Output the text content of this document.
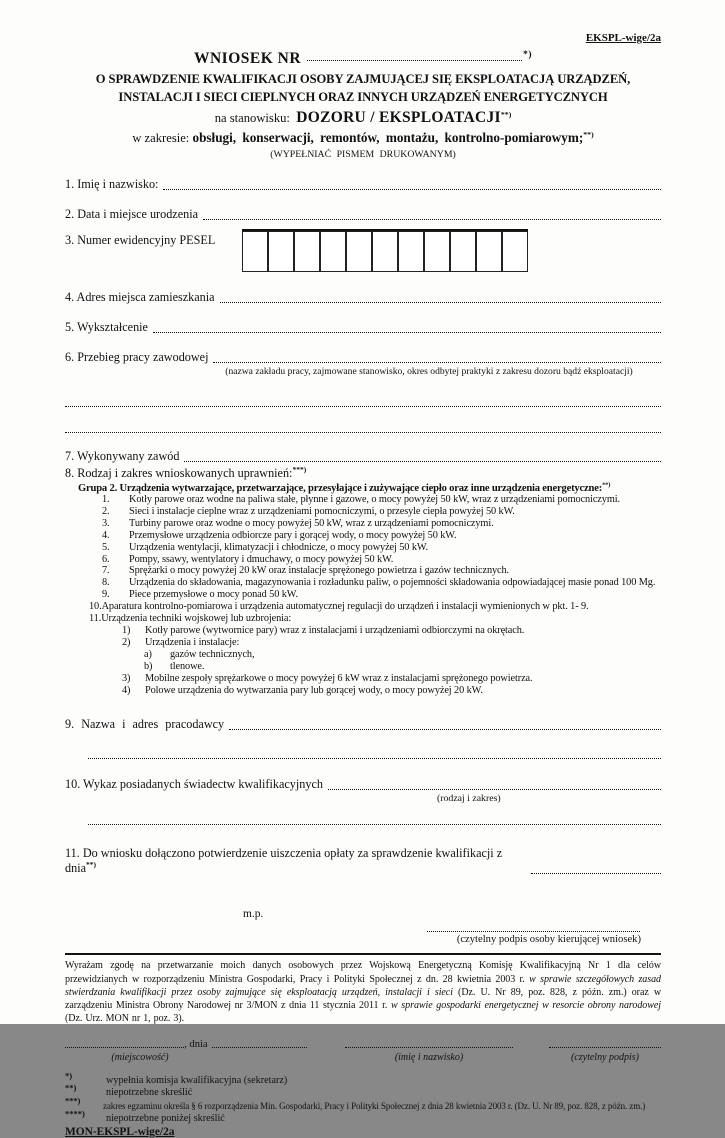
EKSPL-wige/2a
WNIOSEK NR	*)
O SPRAWDZENIE KWALIFIKACJI OSOBY ZAJMUJĄCEJ SIĘ EKSPLOATACJĄ URZĄDZEŃ,
INSTALACJI I SIECI CIEPLNYCH ORAZ INNYCH URZĄDZEŃ ENERGETYCZNYCH
na stanowisku: DOZORU / EKSPLOATACJI**)
w zakresie: obsługi, konserwacji, remontów, montażu, kontrolno-pomiarowym;**)
(WYPEŁNIAĆ PISMEM DRUKOWANYM)
1. Imię i nazwisko:
2. Data i miejsce urodzenia
3. Numer ewidencyjny PESEL
4. Adres miejsca zamieszkania
5. Wykształcenie
6. Przebieg pracy zawodowej
(nazwa zakładu pracy, zajmowane stanowisko, okres odbytej praktyki z zakresu dozoru bądź eksploatacji)
7. Wykonywany zawód
8. Rodzaj i zakres wnioskowanych uprawnień:***)
Grupa 2. Urządzenia wytwarzające, przetwarzające, przesyłające i zużywające ciepło oraz inne urządzenia energetyczne:**)
1.	Kotły parowe oraz wodne na paliwa stałe, płynne i gazowe, o mocy powyżej 50 kW, wraz z urządzeniami pomocniczymi.
2.	Sieci i instalacje cieplne wraz z urządzeniami pomocniczymi, o przesyle ciepła powyżej 50 kW.
3.	Turbiny parowe oraz wodne o mocy powyżej 50 kW, wraz z urządzeniami pomocniczymi.
4.	Przemysłowe urządzenia odbiorcze pary i gorącej wody, o mocy powyżej 50 kW.
5.	Urządzenia wentylacji, klimatyzacji i chłodnicze, o mocy powyżej 50 kW.
6.	Pompy, ssawy, wentylatory i dmuchawy, o mocy powyżej 50 kW.
7.	Sprężarki o mocy powyżej 20 kW oraz instalacje sprężonego powietrza i gazów technicznych.
8.	Urządzenia do składowania, magazynowania i rozładunku paliw, o pojemności składowania odpowiadającej masie ponad 100 Mg.
9.	Piece przemysłowe o mocy ponad 50 kW.
10. Aparatura kontrolno-pomiarowa i urządzenia automatycznej regulacji do urządzeń i instalacji wymienionych w pkt. 1- 9.
11. Urządzenia techniki wojskowej lub uzbrojenia:
1)	Kotły parowe (wytwornice pary) wraz z instalacjami i urządzeniami odbiorczymi na okrętach.
2)	Urządzenia i instalacje:
a)	gazów technicznych,
b)	tlenowe.
3)	Mobilne zespoły sprężarkowe o mocy powyżej 6 kW wraz z instalacjami sprężonego powietrza.
4)	Polowe urządzenia do wytwarzania pary lub gorącej wody, o mocy powyżej 20 kW.
9. Nazwa i adres pracodawcy
10. Wykaz posiadanych świadectw kwalifikacyjnych
(rodzaj i zakres)
11. Do wniosku dołączono potwierdzenie uiszczenia opłaty za sprawdzenie kwalifikacji z dnia**)
m.p.
(czytelny podpis osoby kierującej wniosek)

Wyrażam zgodę na przetwarzanie moich danych osobowych przez Wojskową Energetyczną Komisję Kwalifikacyjną Nr 1 dla celów przewidzianych w rozporządzeniu Ministra Gospodarki, Pracy i Polityki Społecznej z dn. 28 kwietnia 2003 r. w sprawie szczegółowych zasad stwierdzania kwalifikacji przez osoby zajmujące się eksploatacją urządzeń, instalacji i sieci (Dz. U. Nr 89, poz. 828, z późn. zm.) oraz w zarządzeniu Ministra Obrony Narodowej nr 3/MON z dnia 11 stycznia 2011 r. w sprawie gospodarki energetycznej w resorcie obrony narodowej (Dz. Urz. MON nr 1, poz. 3).

, dnia
(miejscowość)	(imię i nazwisko)	(czytelny podpis)
*)	wypełnia komisja kwalifikacyjna (sekretarz)
**)	niepotrzebne skreślić
***)
zakres egzaminu określa § 6 rozporządzenia Min. Gospodarki, Pracy i Polityki Społecznej z dnia 28 kwietnia 2003 r. (Dz. U. Nr 89, poz. 828, z późn. zm.)
****)	niepotrzebne poniżej skreślić
MON-EKSPL-wige/2a
